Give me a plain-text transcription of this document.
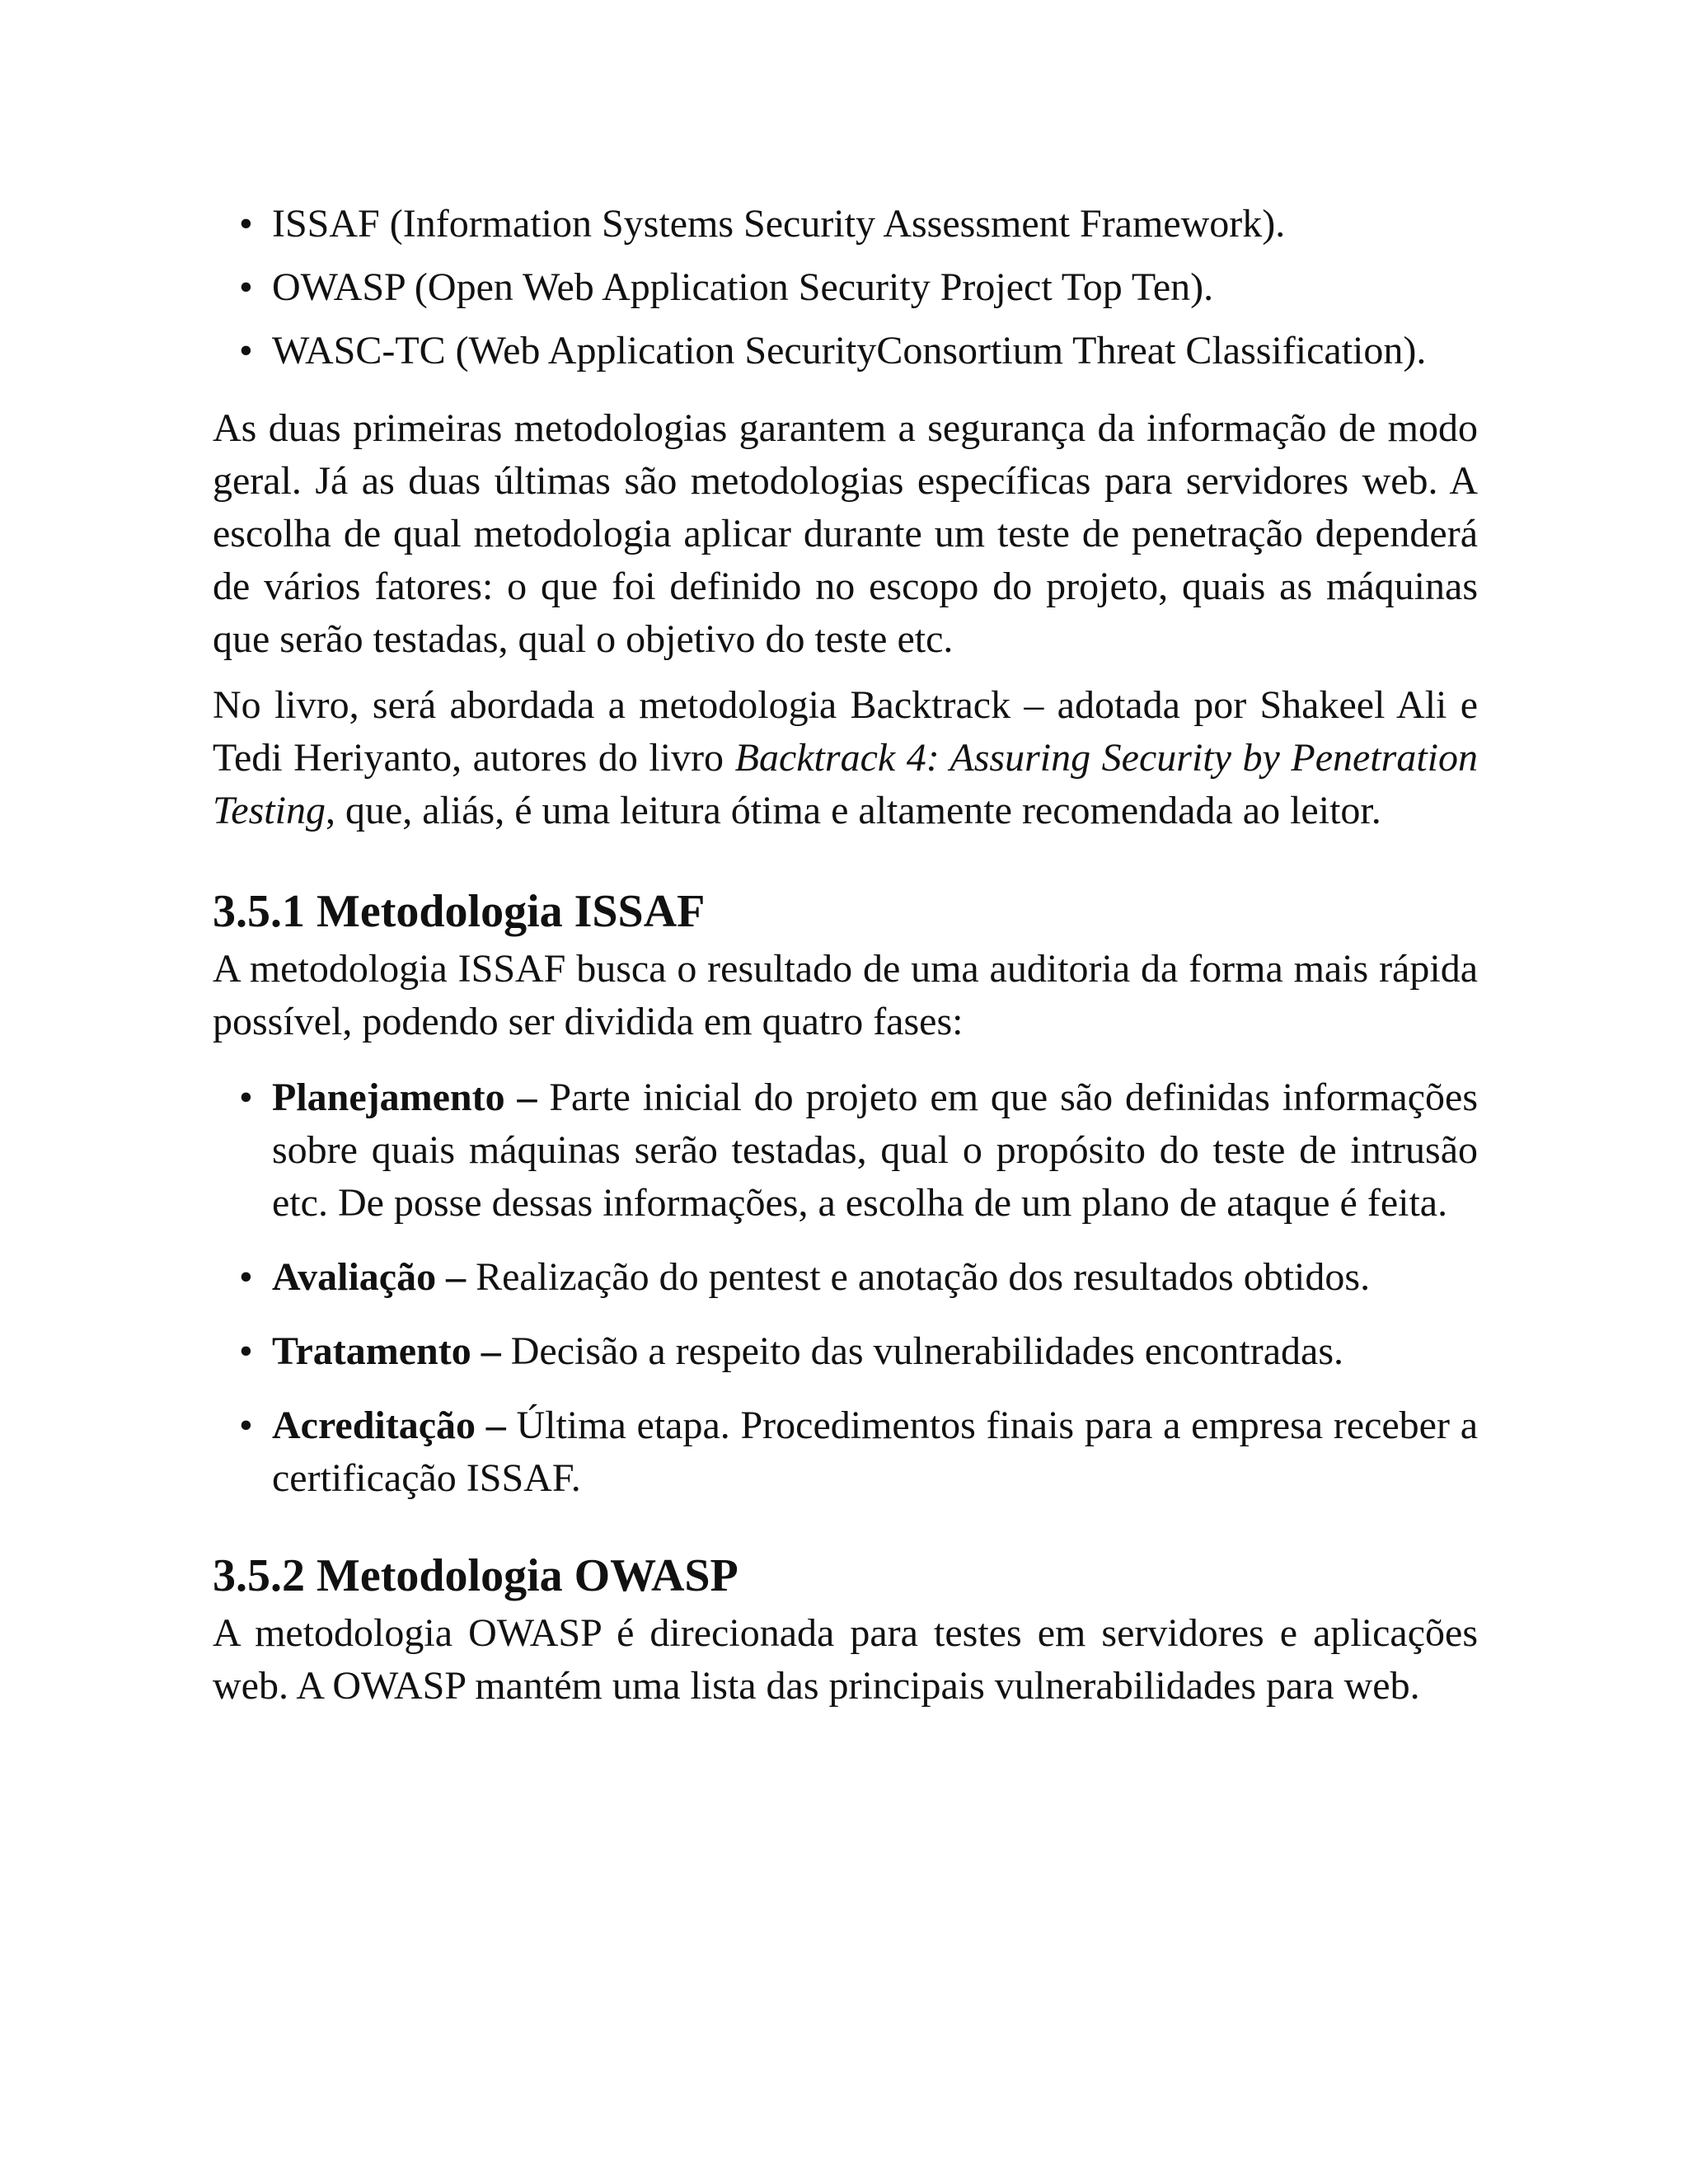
• ISSAF (Information Systems Security Assessment Framework).
• OWASP (Open Web Application Security Project Top Ten).
• WASC-TC (Web Application SecurityConsortium Threat Classification).

As duas primeiras metodologias garantem a segurança da informação de modo geral. Já as duas últimas são metodologias específicas para servidores web. A escolha de qual metodologia aplicar durante um teste de penetração dependerá de vários fatores: o que foi definido no escopo do projeto, quais as máquinas que serão testadas, qual o objetivo do teste etc.

No livro, será abordada a metodologia Backtrack – adotada por Shakeel Ali e Tedi Heriyanto, autores do livro Backtrack 4: Assuring Security by Penetration Testing, que, aliás, é uma leitura ótima e altamente recomendada ao leitor.

3.5.1 Metodologia ISSAF

A metodologia ISSAF busca o resultado de uma auditoria da forma mais rápida possível, podendo ser dividida em quatro fases:

• Planejamento – Parte inicial do projeto em que são definidas informações sobre quais máquinas serão testadas, qual o propósito do teste de intrusão etc. De posse dessas informações, a escolha de um plano de ataque é feita.
• Avaliação – Realização do pentest e anotação dos resultados obtidos.
• Tratamento – Decisão a respeito das vulnerabilidades encontradas.
• Acreditação – Última etapa. Procedimentos finais para a empresa receber a certificação ISSAF.
3.5.2 Metodologia OWASP

A metodologia OWASP é direcionada para testes em servidores e aplicações web. A OWASP mantém uma lista das principais vulnerabilidades para web.
